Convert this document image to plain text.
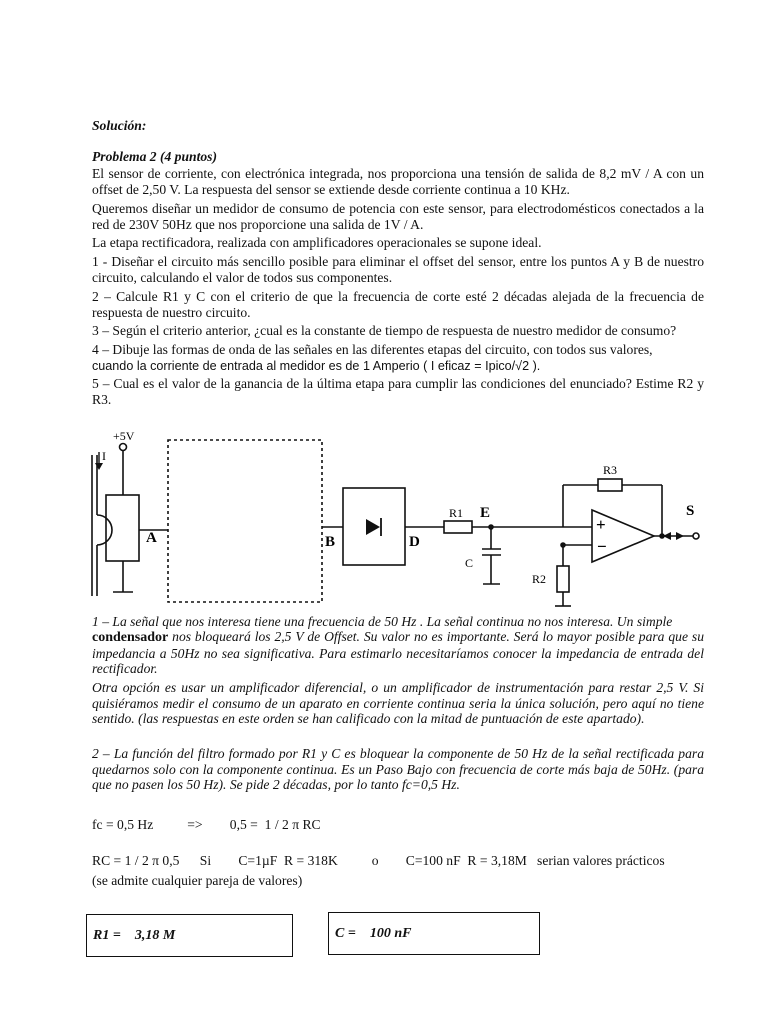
Solución:
Problema 2 (4 puntos)
El sensor de corriente, con electrónica integrada, nos proporciona una tensión de salida de 8,2 mV / A con un offset de 2,50 V. La respuesta del sensor se extiende desde corriente continua a 10 KHz.
Queremos diseñar un medidor de consumo de potencia con este sensor, para electrodomésticos conectados a la red de 230V 50Hz que nos proporcione una salida de 1V / A.
La etapa rectificadora, realizada con amplificadores operacionales se supone ideal.
1 - Diseñar el circuito más sencillo posible para eliminar el offset del sensor, entre los puntos A y B de nuestro circuito, calculando el valor de todos sus componentes.
2 – Calcule R1 y C con el criterio de que la frecuencia de corte esté 2 décadas alejada de la frecuencia de respuesta de nuestro circuito.
3 – Según el criterio anterior, ¿cual es la constante de tiempo de respuesta de nuestro medidor de consumo?
4 – Dibuje las formas de onda de las señales en las diferentes etapas del circuito, con todos sus valores,
cuando la corriente de entrada al medidor es de 1 Amperio ( I eficaz = Ipico/√2 ).
5 – Cual es el valor de la ganancia de la última etapa para cumplir las condiciones del enunciado? Estime R2 y R3.
+5V
I
A	B	D
E
R1
C
R3
R2
S
+
−
1 – La señal que nos interesa tiene una frecuencia de 50 Hz . La señal continua no nos interesa. Un simple
condensador nos bloqueará los 2,5 V de Offset. Su valor no es importante. Será lo mayor posible para que su impedancia a 50Hz no sea significativa. Para estimarlo necesitaríamos conocer la impedancia de entrada del rectificador.
Otra opción es usar un amplificador diferencial, o un amplificador de instrumentación para restar 2,5 V. Si quisiéramos medir el consumo de un aparato en corriente continua seria la única solución, pero aquí no tiene sentido. (las respuestas en este orden se han calificado con la mitad de puntuación de este apartado).
2 – La función del filtro formado por R1 y C es bloquear la componente de 50 Hz de la señal rectificada para quedarnos solo con la componente continua. Es un Paso Bajo con frecuencia de corte más baja de 50Hz. (para que no pasen los 50 Hz). Se pide 2 décadas, por lo tanto fc=0,5 Hz.
fc = 0,5 Hz          =>        0,5 =  1 / 2 π RC
RC = 1 / 2 π 0,5      Si        C=1µF  R = 318K          o        C=100 nF  R = 3,18M   serian valores prácticos
(se admite cualquier pareja de valores)
R1 =    3,18 M	C =    100 nF
